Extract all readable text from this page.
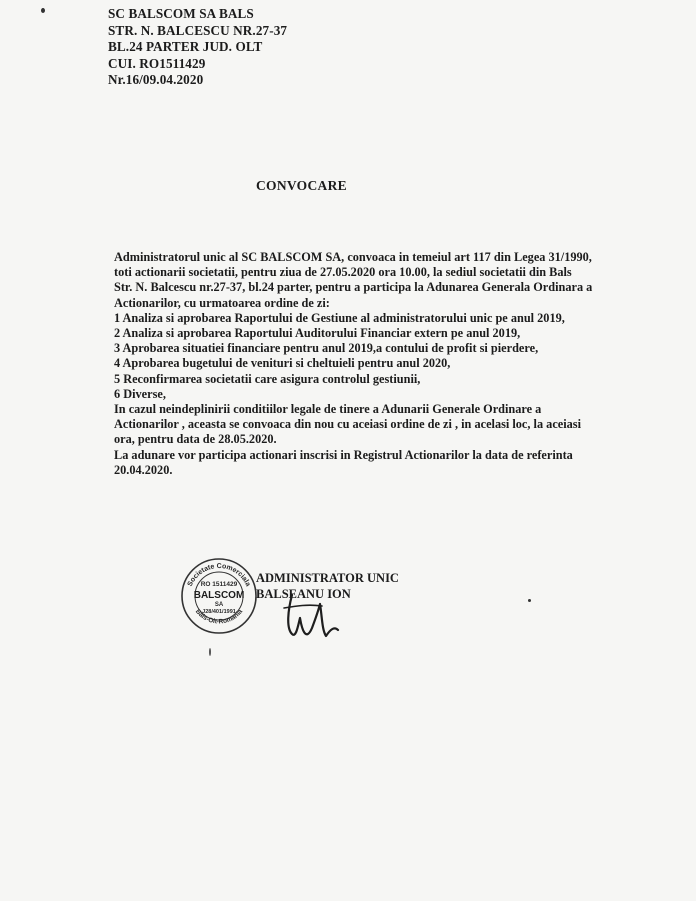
SC BALSCOM SA BALS
STR. N. BALCESCU NR.27-37
BL.24 PARTER JUD. OLT
CUI. RO1511429
Nr.16/09.04.2020
CONVOCARE
Administratorul unic al SC BALSCOM SA, convoaca in temeiul art 117 din Legea 31/1990,
toti actionarii societatii, pentru ziua de 27.05.2020 ora 10.00, la sediul societatii din Bals
Str. N. Balcescu nr.27-37, bl.24 parter, pentru a participa la Adunarea Generala Ordinara a
Actionarilor, cu urmatoarea ordine de zi:
1 Analiza si aprobarea Raportului de Gestiune al administratorului unic pe anul 2019,
2 Analiza si aprobarea Raportului Auditorului Financiar extern pe anul 2019,
3 Aprobarea situatiei financiare pentru anul 2019,a contului de profit si pierdere,
4 Aprobarea bugetului de venituri si cheltuieli pentru anul 2020,
5 Reconfirmarea societatii care asigura controlul gestiunii,
6 Diverse,
In cazul neindeplinirii conditiilor legale de tinere a Adunarii Generale Ordinare a
Actionarilor , aceasta se convoaca din nou cu aceiasi ordine de zi , in acelasi loc, la aceiasi
ora, pentru data de 28.05.2020.
La adunare vor participa actionari inscrisi in Registrul Actionarilor la data de referinta
20.04.2020.
ADMINISTRATOR UNIC
BALSEANU ION
Societate Comerciala
Bals-Olt-Romania
RO 1511429
BALSCOM
SA
J28/401/1991
